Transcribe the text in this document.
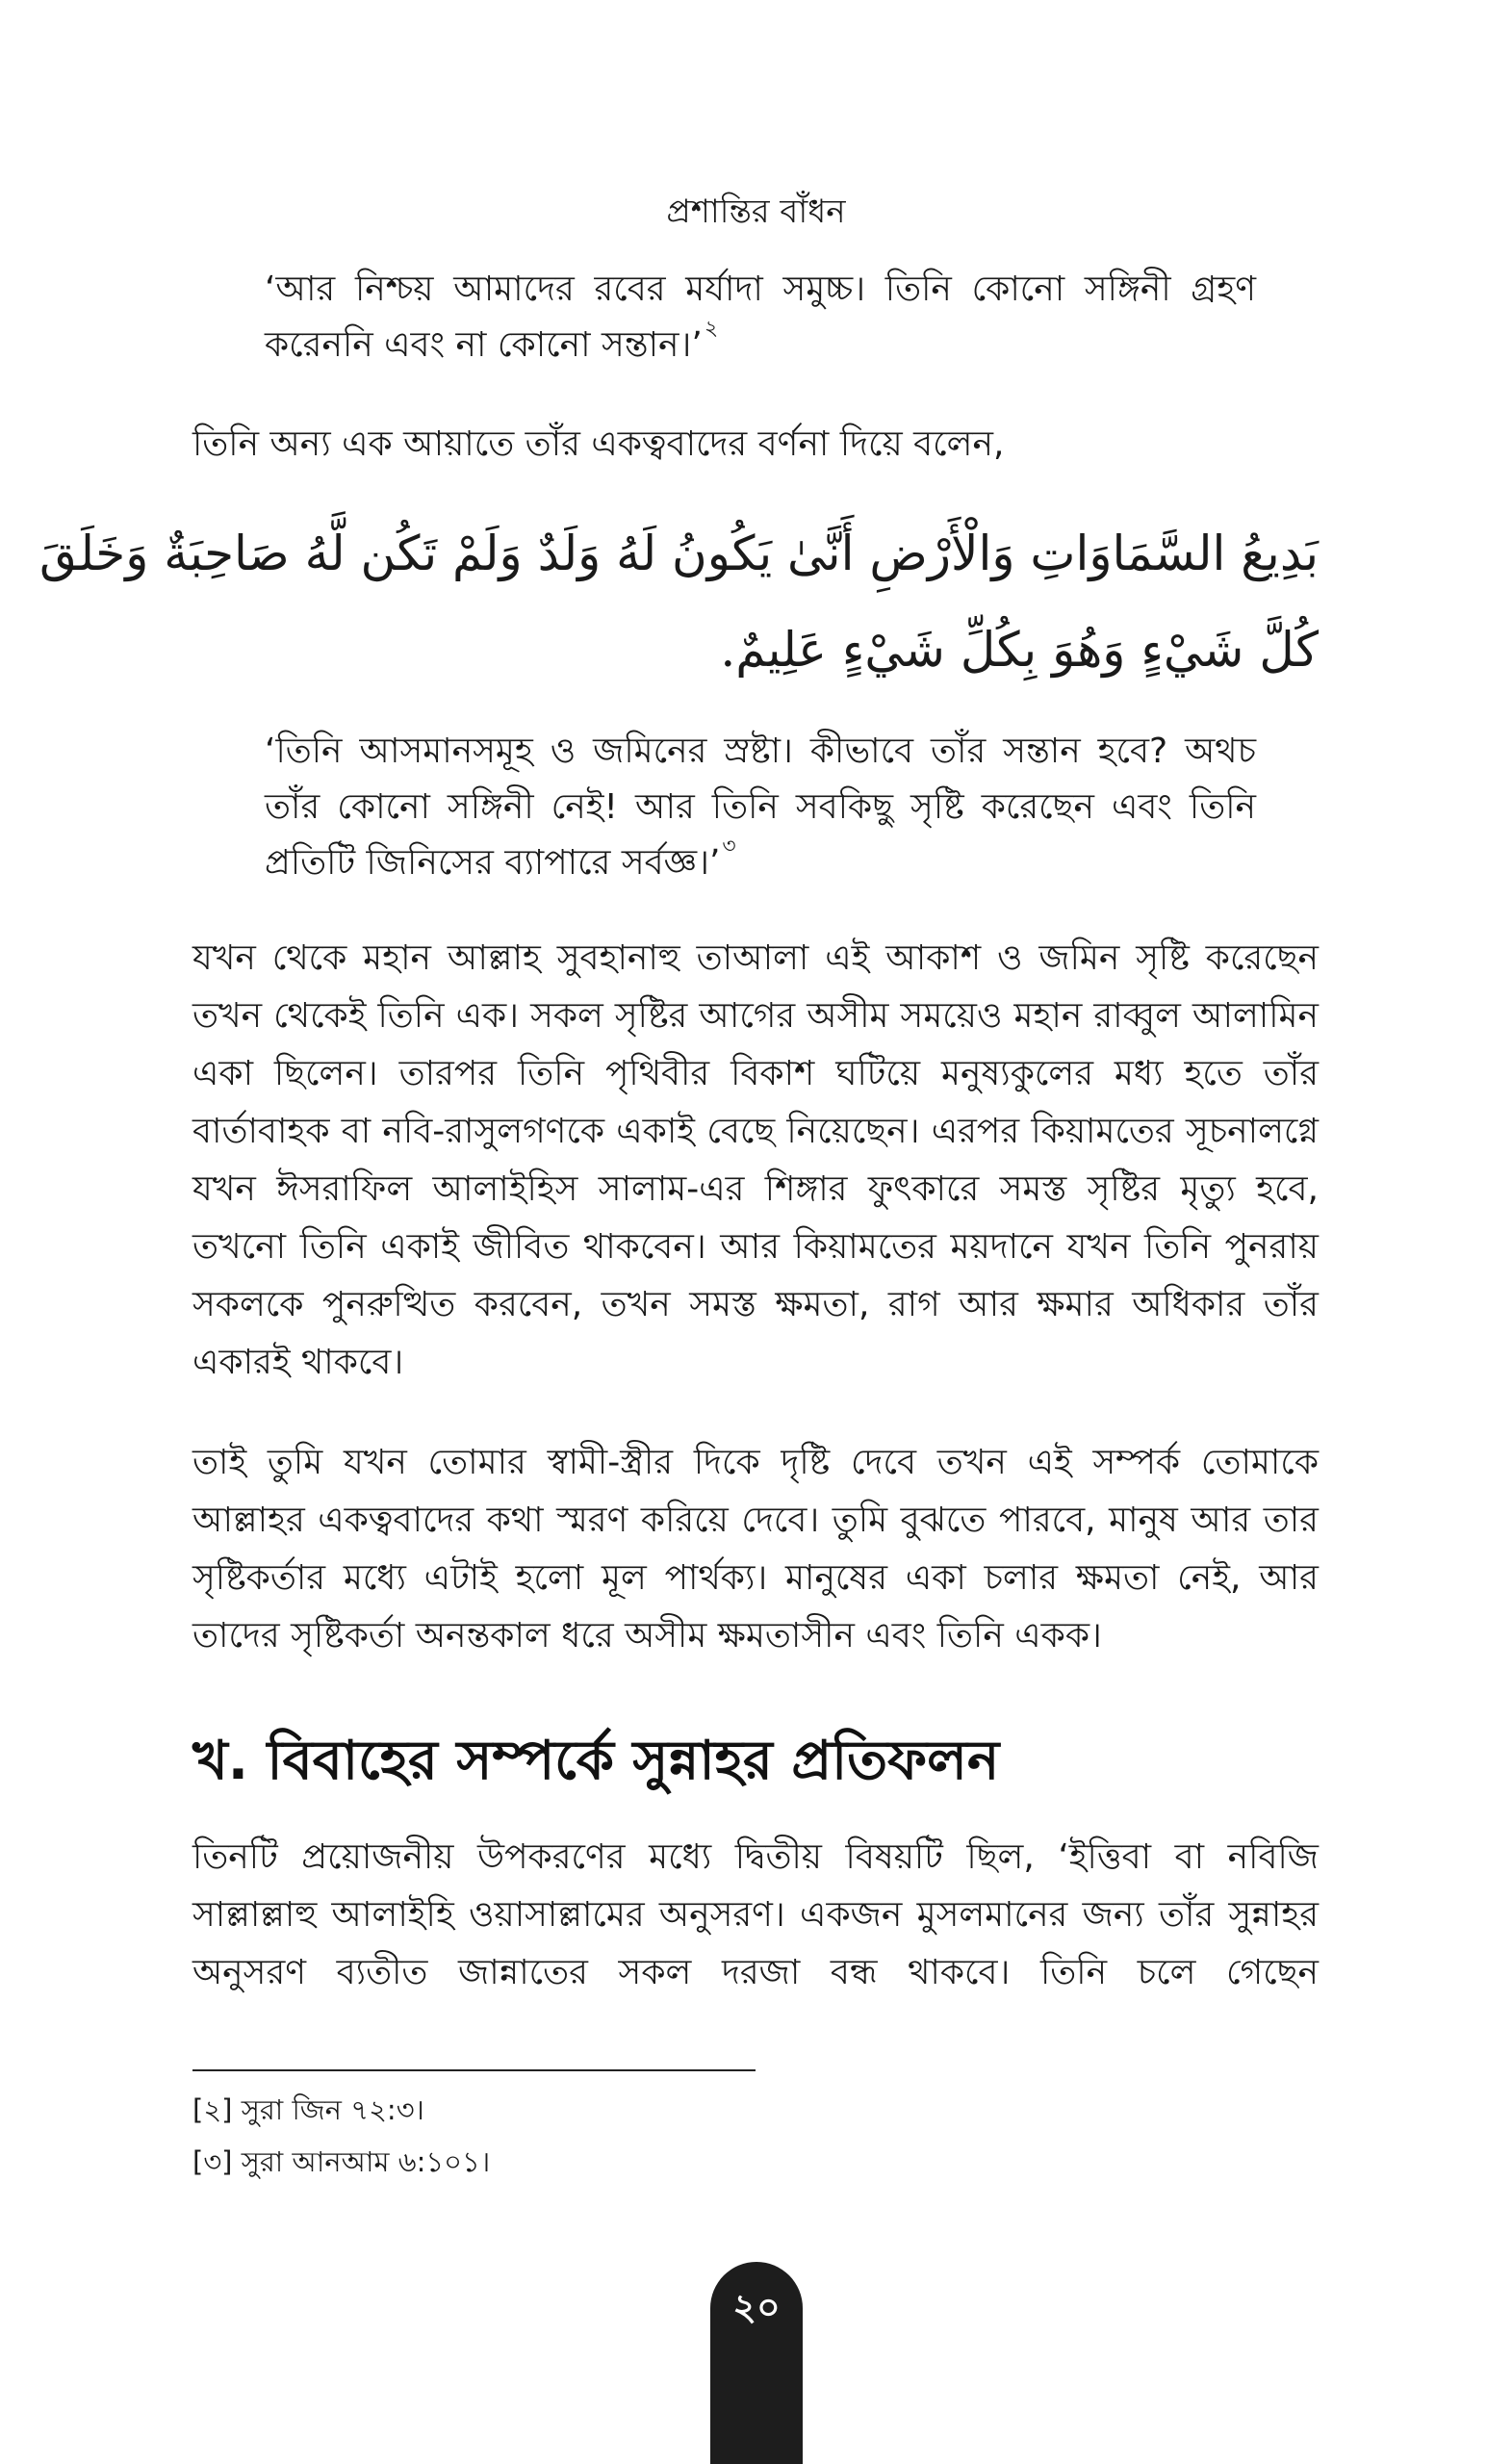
প্রশান্তির বাঁধন
‘আর নিশ্চয় আমাদের রবের মর্যাদা সমুচ্চ। তিনি কোনো সঙ্গিনী গ্রহণ করেননি এবং না কোনো সন্তান।’$^২$
তিনি অন্য এক আয়াতে তাঁর একত্ববাদের বর্ণনা দিয়ে বলেন,
بَدِيعُ السَّمَاوَاتِ وَالْأَرْضِ أَنَّىٰ يَكُونُ لَهُ وَلَدٌ وَلَمْ تَكُن لَّهُ صَاحِبَةٌ وَخَلَقَ
كُلَّ شَيْءٍ وَهُوَ بِكُلِّ شَيْءٍ عَلِيمٌ.
‘তিনি আসমানসমূহ ও জমিনের স্রষ্টা। কীভাবে তাঁর সন্তান হবে? অথচ তাঁর কোনো সঙ্গিনী নেই! আর তিনি সবকিছু সৃষ্টি করেছেন এবং তিনি প্রতিটি জিনিসের ব্যাপারে সর্বজ্ঞ।’$^৩$
যখন থেকে মহান আল্লাহ সুবহানাহু তাআলা এই আকাশ ও জমিন সৃষ্টি করেছেন তখন থেকেই তিনি এক। সকল সৃষ্টির আগের অসীম সময়েও মহান রাব্বুল আলামিন একা ছিলেন। তারপর তিনি পৃথিবীর বিকাশ ঘটিয়ে মনুষ্যকুলের মধ্য হতে তাঁর বার্তাবাহক বা নবি-রাসুলগণকে একাই বেছে নিয়েছেন। এরপর কিয়ামতের সূচনালগ্নে যখন ঈসরাফিল আলাইহিস সালাম-এর শিঙ্গার ফুৎকারে সমস্ত সৃষ্টির মৃত্যু হবে, তখনো তিনি একাই জীবিত থাকবেন। আর কিয়ামতের ময়দানে যখন তিনি পুনরায় সকলকে পুনরুত্থিত করবেন, তখন সমস্ত ক্ষমতা, রাগ আর ক্ষমার অধিকার তাঁর একারই থাকবে।
তাই তুমি যখন তোমার স্বামী-স্ত্রীর দিকে দৃষ্টি দেবে তখন এই সম্পর্ক তোমাকে আল্লাহর একত্ববাদের কথা স্মরণ করিয়ে দেবে। তুমি বুঝতে পারবে, মানুষ আর তার সৃষ্টিকর্তার মধ্যে এটাই হলো মূল পার্থক্য। মানুষের একা চলার ক্ষমতা নেই, আর তাদের সৃষ্টিকর্তা অনন্তকাল ধরে অসীম ক্ষমতাসীন এবং তিনি একক।
খ. বিবাহের সম্পর্কে সুন্নাহর প্রতিফলন
তিনটি প্রয়োজনীয় উপকরণের মধ্যে দ্বিতীয় বিষয়টি ছিল, ‘ইত্তিবা বা নবিজি সাল্লাল্লাহু আলাইহি ওয়াসাল্লামের অনুসরণ। একজন মুসলমানের জন্য তাঁর সুন্নাহর অনুসরণ ব্যতীত জান্নাতের সকল দরজা বন্ধ থাকবে। তিনি চলে গেছেন
[২] সুরা জিন ৭২:৩।
[৩] সুরা আনআম ৬:১০১।
২০
